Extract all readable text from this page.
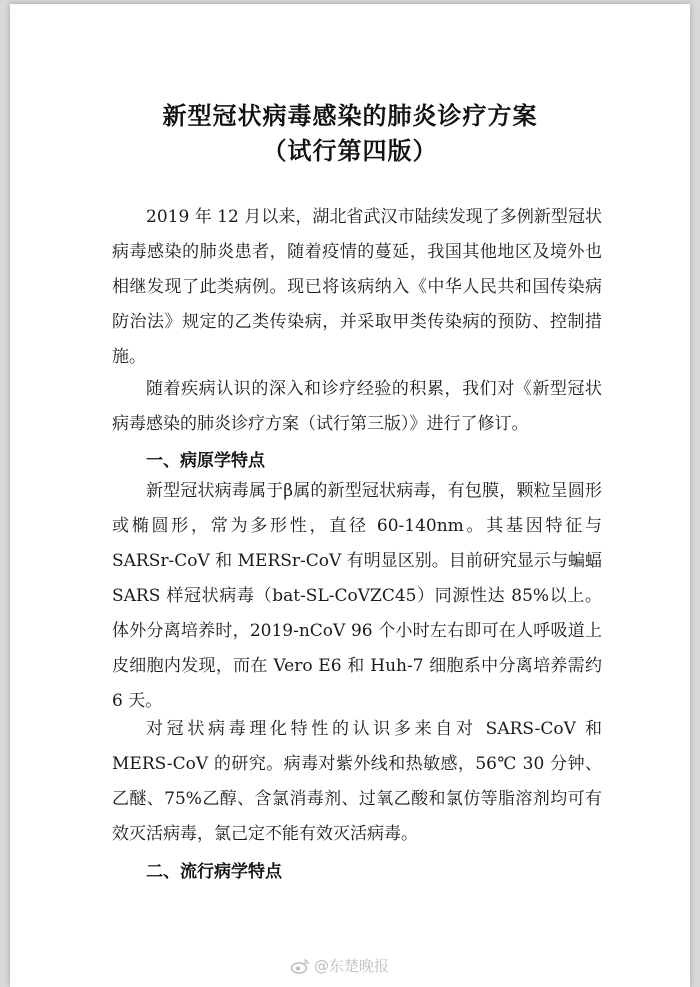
新型冠状病毒感染的肺炎诊疗方案
（试行第四版）

2019 年 12 月以来，湖北省武汉市陆续发现了多例新型冠状病毒感染的肺炎患者，随着疫情的蔓延，我国其他地区及境外也相继发现了此类病例。现已将该病纳入《中华人民共和国传染病防治法》规定的乙类传染病，并采取甲类传染病的预防、控制措施。

随着疾病认识的深入和诊疗经验的积累，我们对《新型冠状病毒感染的肺炎诊疗方案（试行第三版）》进行了修订。

一、病原学特点

新型冠状病毒属于β属的新型冠状病毒，有包膜，颗粒呈圆形或椭圆形，常为多形性，直径 60-140nm。其基因特征与 SARSr-CoV 和 MERSr-CoV 有明显区别。目前研究显示与蝙蝠 SARS 样冠状病毒（bat-SL-CoVZC45）同源性达 85%以上。体外分离培养时，2019-nCoV 96 个小时左右即可在人呼吸道上皮细胞内发现，而在 Vero E6 和 Huh-7 细胞系中分离培养需约 6 天。

对冠状病毒理化特性的认识多来自对 SARS-CoV 和 MERS-CoV 的研究。病毒对紫外线和热敏感，56℃ 30 分钟、乙醚、75%乙醇、含氯消毒剂、过氧乙酸和氯仿等脂溶剂均可有效灭活病毒，氯己定不能有效灭活病毒。

二、流行病学特点
@东楚晚报
